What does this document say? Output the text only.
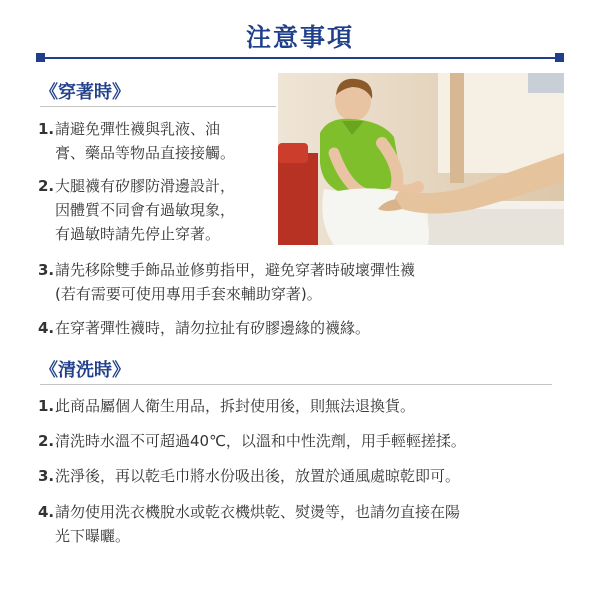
注意事項
《穿著時》
1. 請避免彈性襪與乳液、油
膏、藥品等物品直接接觸。
2. 大腿襪有矽膠防滑邊設計，
因體質不同會有過敏現象，
有過敏時請先停止穿著。
3. 請先移除雙手飾品並修剪指甲，避免穿著時破壞彈性襪
(若有需要可使用專用手套來輔助穿著)。
4. 在穿著彈性襪時，請勿拉扯有矽膠邊緣的襪緣。
《清洗時》
1. 此商品屬個人衛生用品，拆封使用後，則無法退換貨。
2. 清洗時水溫不可超過40℃，以溫和中性洗劑，用手輕輕搓揉。
3. 洗淨後，再以乾毛巾將水份吸出後，放置於通風處晾乾即可。
4. 請勿使用洗衣機脫水或乾衣機烘乾、熨燙等，也請勿直接在陽
光下曝曬。
